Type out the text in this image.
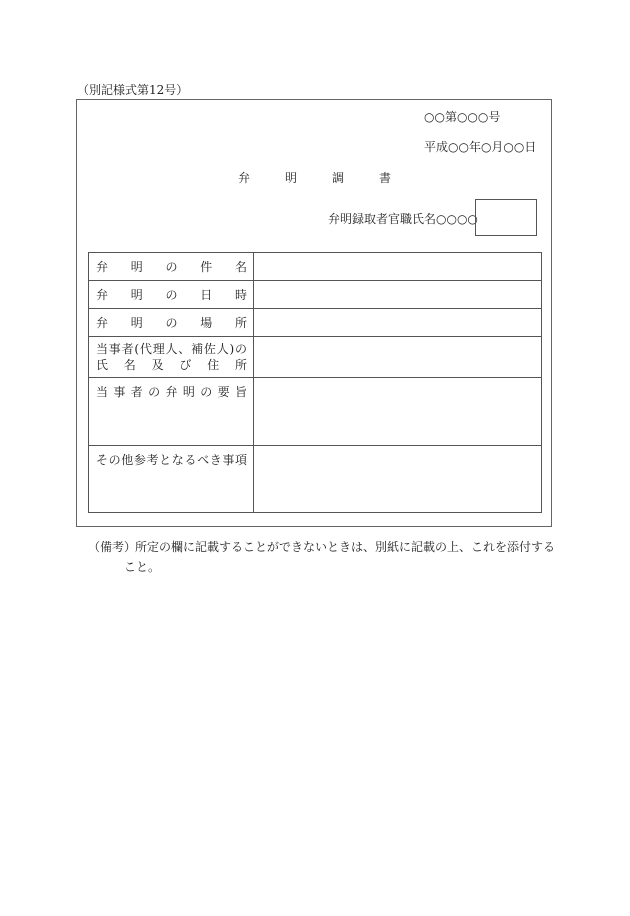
（別記様式第12号）
○○第○○○号
平成○○年○月○○日
弁	明	調	書
弁明録取者官職氏名○○○○
弁明の件名	

弁明の日時	

弁明の場所	

当事者(代理人、補佐人)の
氏名及び住所	

当事者の弁明の要旨	

その他参考となるべき事項	

（備考）
所定の欄に記載することができないときは、別紙に記載の上、これを添付する
こと。
